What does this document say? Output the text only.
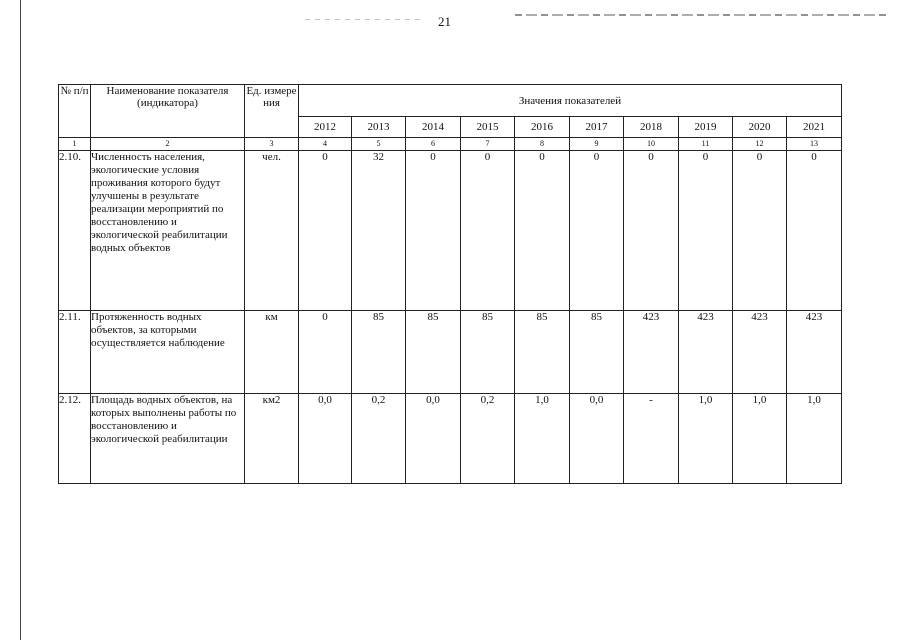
21
№ п/п	Наименование показателя (индикатора)	Ед. измере ния	Значения показателей									
			2012	2013	2014	2015	2016	2017	2018	2019	2020	2021
1	2	3	4	5	6	7	8	9	10	11	12	13
2.10.	Численность населения, экологические условия проживания которого будут улучшены в результате реализации мероприятий по восстановлению и экологической реабилитации водных объектов	чел.	0	32	0	0	0	0	0	0	0	0
2.11.	Протяженность водных объектов, за которыми осуществляется наблюдение	км	0	85	85	85	85	85	423	423	423	423
2.12.	Площадь водных объектов, на которых выполнены работы по восстановлению и экологической реабилитации	км2	0,0	0,2	0,0	0,2	1,0	0,0	-	1,0	1,0	1,0
